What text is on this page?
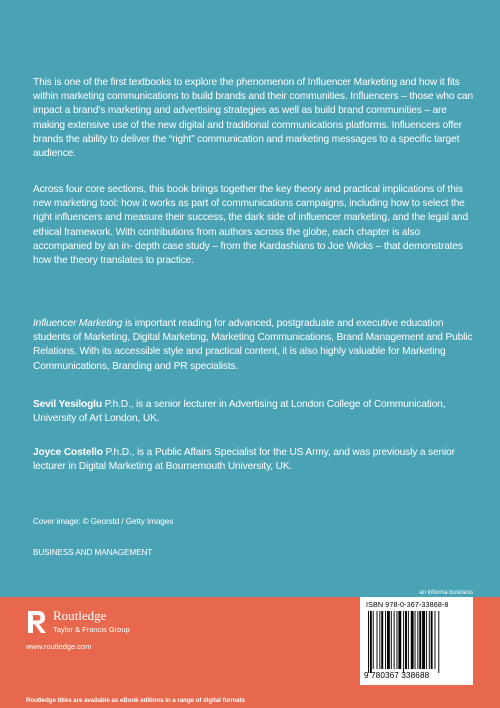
This is one of the first textbooks to explore the phenomenon of Influencer Marketing and how it fits within marketing communications to build brands and their communities. Influencers – those who can impact a brand’s marketing and advertising strategies as well as build brand communities – are making extensive use of the new digital and traditional communications platforms. Influencers offer brands the ability to deliver the “right” communication and marketing messages to a specific target audience.

Across four core sections, this book brings together the key theory and practical implications of this new marketing tool: how it works as part of communications campaigns, including how to select the right influencers and measure their success, the dark side of influencer marketing, and the legal and ethical framework. With contributions from authors across the globe, each chapter is also accompanied by an in- depth case study – from the Kardashians to Joe Wicks – that demonstrates how the theory translates to practice.

Influencer Marketing is important reading for advanced, postgraduate and executive education students of Marketing, Digital Marketing, Marketing Communications, Brand Management and Public Relations. With its accessible style and practical content, it is also highly valuable for Marketing Communications, Branding and PR specialists.

Sevil Yesiloglu P.h.D., is a senior lecturer in Advertising at London College of Communication, University of Art London, UK.

Joyce Costello P.h.D., is a Public Affairs Specialist for the US Army, and was previously a senior lecturer in Digital Marketing at Bournemouth University, UK.

Cover image: © Georstd / Getty Images
BUSINESS AND MANAGEMENT
an informa business
Routledge
Taylor & Francis Group
www.routledge.com
Routledge titles are available as eBook editions in a range of digital formats
ISBN 978-0-367-33868-8
9 780367 338688
